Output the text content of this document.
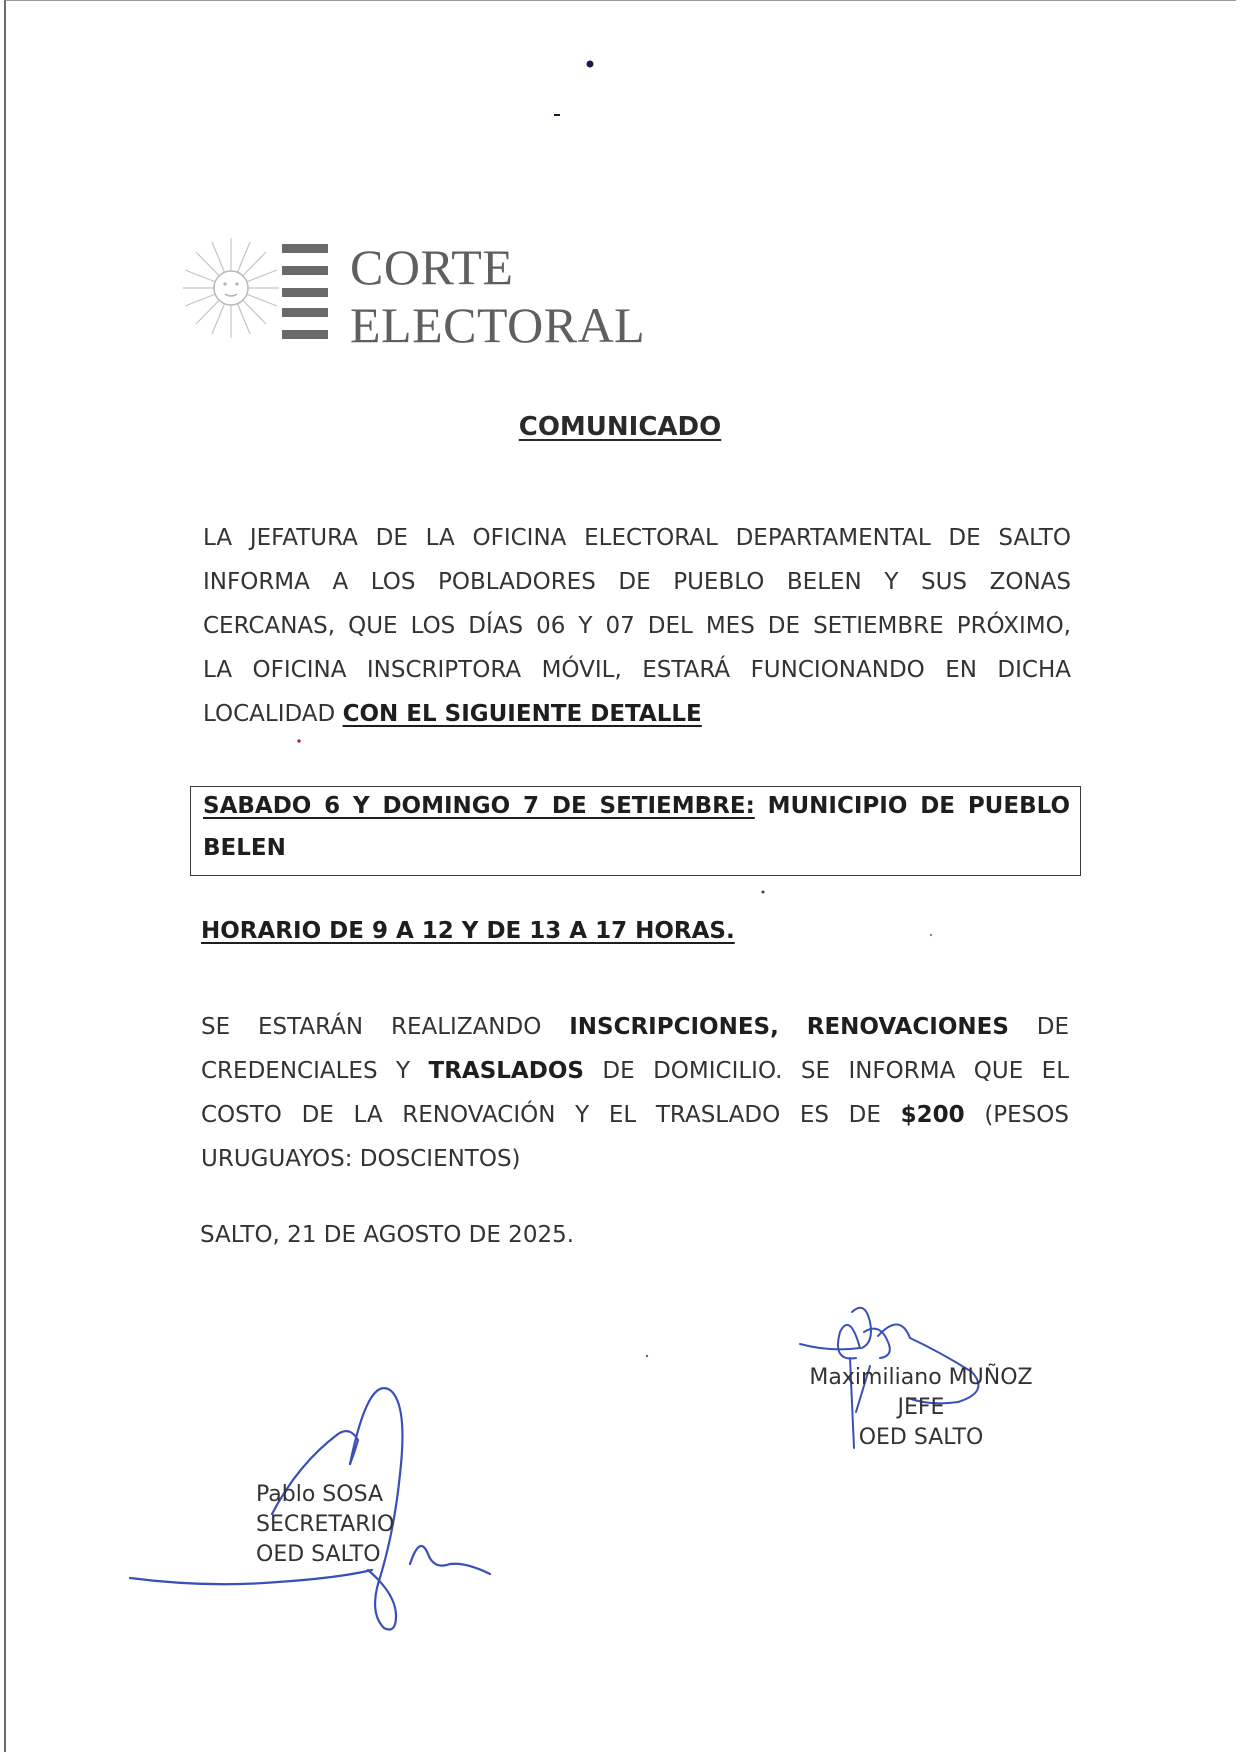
CORTE
ELECTORAL
COMUNICADO
LA JEFATURA DE LA OFICINA ELECTORAL DEPARTAMENTAL DE SALTO
INFORMA A LOS POBLADORES DE PUEBLO BELEN Y SUS ZONAS
CERCANAS, QUE LOS DÍAS 06 Y 07 DEL MES DE SETIEMBRE PRÓXIMO,
LA OFICINA INSCRIPTORA MÓVIL, ESTARÁ FUNCIONANDO EN DICHA
LOCALIDAD CON EL SIGUIENTE DETALLE
SABADO 6 Y DOMINGO 7 DE SETIEMBRE: MUNICIPIO DE PUEBLO
BELEN
HORARIO DE 9 A 12 Y DE 13 A 17 HORAS.
SE ESTARÁN REALIZANDO INSCRIPCIONES, RENOVACIONES DE
CREDENCIALES Y TRASLADOS DE DOMICILIO. SE INFORMA QUE EL
COSTO DE LA RENOVACIÓN Y EL TRASLADO ES DE $200 (PESOS
URUGUAYOS: DOSCIENTOS)
SALTO, 21 DE AGOSTO DE 2025.
Maximiliano MUÑOZ
JEFE
OED SALTO
Pablo SOSA
SECRETARIO
OED SALTO
